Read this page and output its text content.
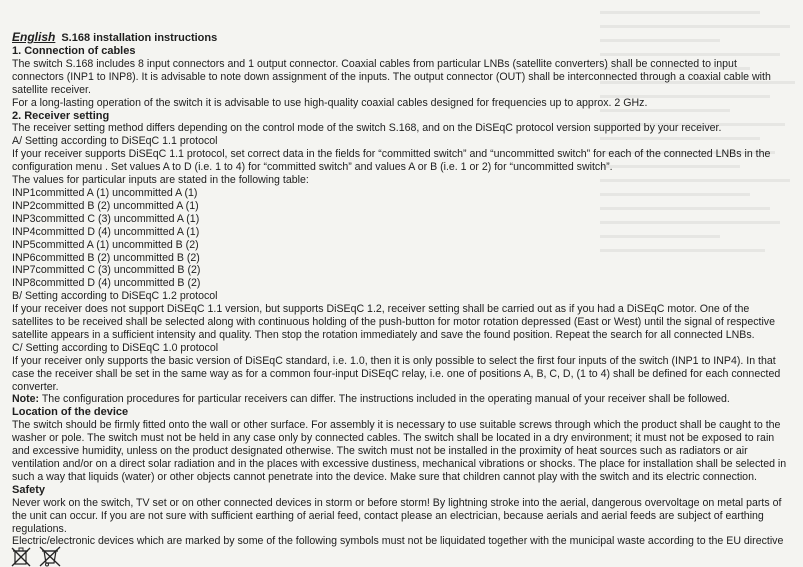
English S.168 installation instructions
1. Connection of cables
The switch S.168 includes 8 input connectors and 1 output connector. Coaxial cables from particular LNBs (satellite converters) shall be connected to input
connectors (INP1 to INP8). It is advisable to note down assignment of the inputs. The output connector (OUT) shall be interconnected through a coaxial cable with
satellite receiver.
For a long-lasting operation of the switch it is advisable to use high-quality coaxial cables designed for frequencies up to approx. 2 GHz.
2. Receiver setting
The receiver setting method differs depending on the control mode of the switch S.168, and on the DiSEqC protocol version supported by your receiver.
A/ Setting according to DiSEqC 1.1 protocol
If your receiver supports DiSEqC 1.1 protocol, set correct data in the fields for “committed switch” and “uncommitted switch” for each of the connected LNBs in the
configuration menu . Set values A to D (i.e. 1 to 4) for “committed switch” and values A or B (i.e. 1 or 2) for “uncommitted switch”.
The values for particular inputs are stated in the following table:
INP1committed A (1) uncommitted A (1)
INP2committed B (2) uncommitted A (1)
INP3committed C (3) uncommitted A (1)
INP4committed D (4) uncommitted A (1)
INP5committed A (1) uncommitted B (2)
INP6committed B (2) uncommitted B (2)
INP7committed C (3) uncommitted B (2)
INP8committed D (4) uncommitted B (2)
B/ Setting according to DiSEqC 1.2 protocol
If your receiver does not support DiSEqC 1.1 version, but supports DiSEqC 1.2, receiver setting shall be carried out as if you had a DiSEqC motor. One of the
satellites to be received shall be selected along with continuous holding of the push-button for motor rotation depressed (East or West) until the signal of respective
satellite appears in a sufficient intensity and quality. Then stop the rotation immediately and save the found position. Repeat the search for all connected LNBs.
C/ Setting according to DiSEqC 1.0 protocol
If your receiver only supports the basic version of DiSEqC standard, i.e. 1.0, then it is only possible to select the first four inputs of the switch (INP1 to INP4). In that
case the receiver shall be set in the same way as for a common four-input DiSEqC relay, i.e. one of positions A, B, C, D, (1 to 4) shall be defined for each connected
converter.
Note: The configuration procedures for particular receivers can differ. The instructions included in the operating manual of your receiver shall be followed.
Location of the device
The switch should be firmly fitted onto the wall or other surface. For assembly it is necessary to use suitable screws through which the product shall be caught to the
washer or pole. The switch must not be held in any case only by connected cables. The switch shall be located in a dry environment; it must not be exposed to rain
and excessive humidity, unless on the product designated otherwise. The switch must not be installed in the proximity of heat sources such as radiators or air
ventilation and/or on a direct solar radiation and in the places with excessive dustiness, mechanical vibrations or shocks. The place for installation shall be selected in
such a way that liquids (water) or other objects cannot penetrate into the device. Make sure that children cannot play with the switch and its electric connection.
Safety
Never work on the switch, TV set or on other connected devices in storm or before storm! By lightning stroke into the aerial, dangerous overvoltage on metal parts of
the unit can occur. If you are not sure with sufficient earthing of aerial feed, contact please an electrician, because aerials and aerial feeds are subject of earthing
regulations.
Electric/electronic devices which are marked by some of the following symbols must not be liquidated together with the municipal waste according to the EU directive
